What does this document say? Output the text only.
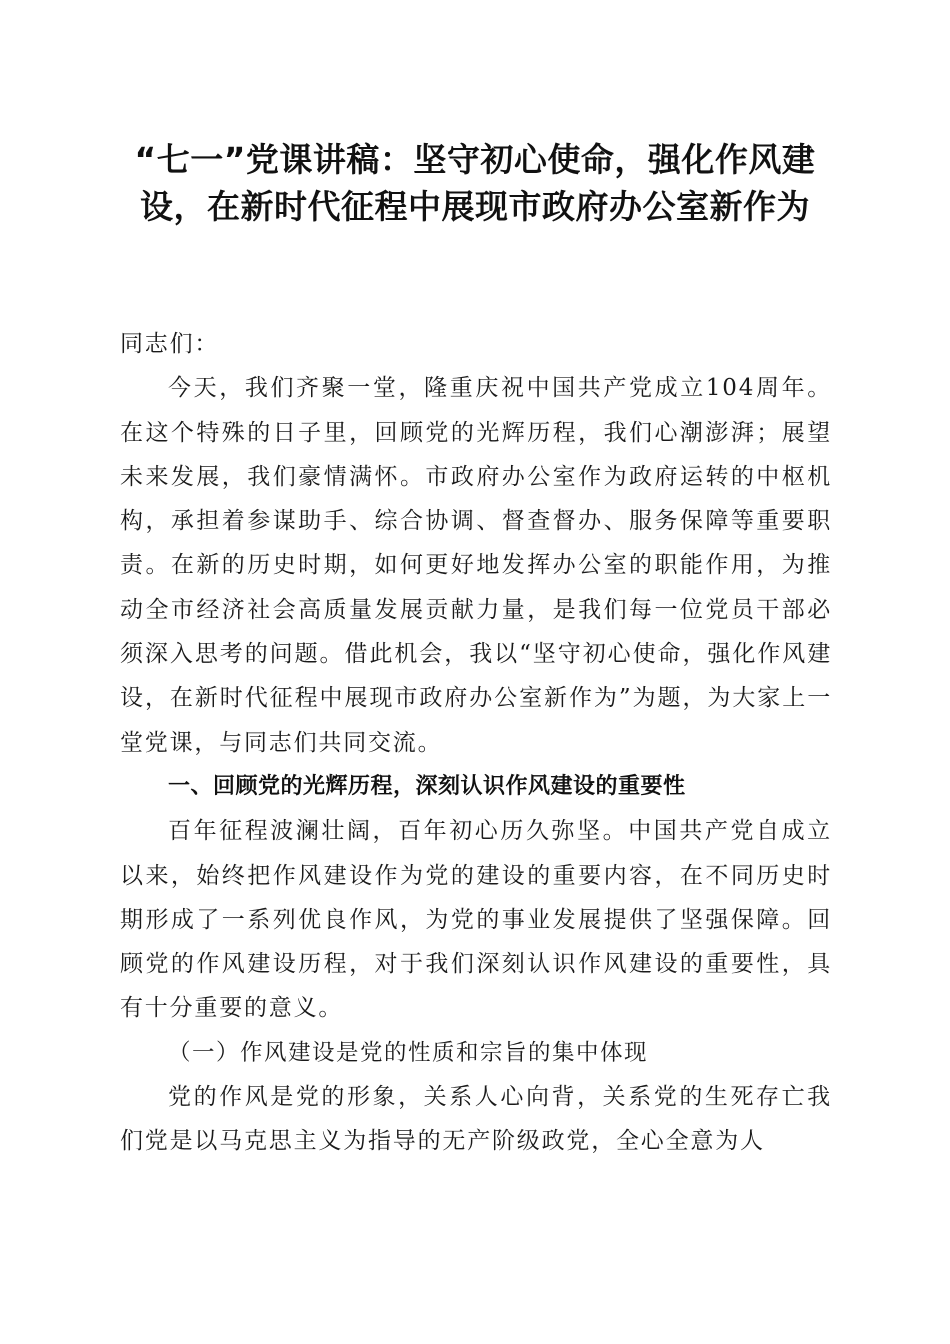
“七一”党课讲稿：坚守初心使命，强化作风建设，在新时代征程中展现市政府办公室新作为

同志们：

今天，我们齐聚一堂，隆重庆祝中国共产党成立104周年。在这个特殊的日子里，回顾党的光辉历程，我们心潮澎湃；展望未来发展，我们豪情满怀。市政府办公室作为政府运转的中枢机构，承担着参谋助手、综合协调、督查督办、服务保障等重要职责。在新的历史时期，如何更好地发挥办公室的职能作用，为推动全市经济社会高质量发展贡献力量，是我们每一位党员干部必须深入思考的问题。借此机会，我以“坚守初心使命，强化作风建设，在新时代征程中展现市政府办公室新作为”为题，为大家上一堂党课，与同志们共同交流。

一、回顾党的光辉历程，深刻认识作风建设的重要性

百年征程波澜壮阔，百年初心历久弥坚。中国共产党自成立以来，始终把作风建设作为党的建设的重要内容，在不同历史时期形成了一系列优良作风，为党的事业发展提供了坚强保障。回顾党的作风建设历程，对于我们深刻认识作风建设的重要性，具有十分重要的意义。

（一）作风建设是党的性质和宗旨的集中体现

党的作风是党的形象，关系人心向背，关系党的生死存亡我们党是以马克思主义为指导的无产阶级政党，全心全意为人
